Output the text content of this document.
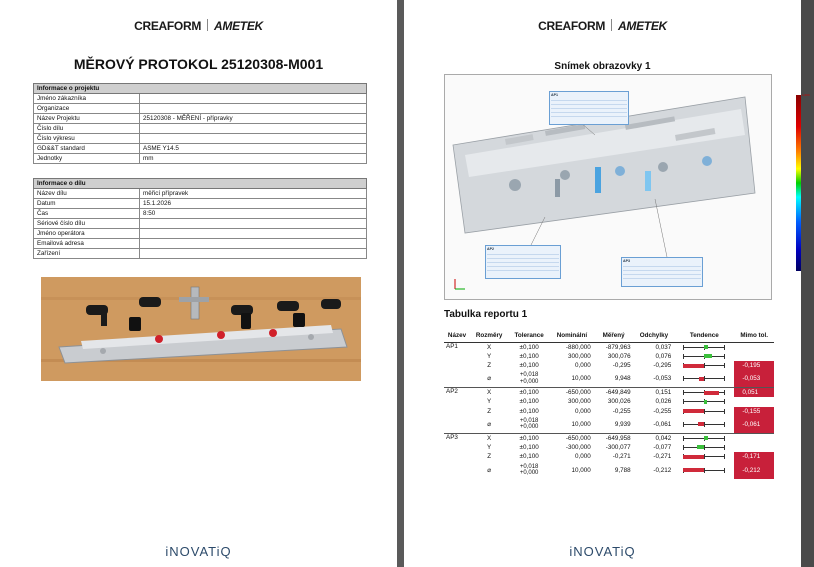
CREAFORM AMETEK
MĚROVÝ PROTOKOL 25120308-M001
Informace o projektu	
Jméno zákazníka	
Organizace	
Název Projektu	25120308 - MĚŘENÍ - přípravky
Číslo dílu	
Číslo výkresu	
GD&&T standard	ASME Y14.5
Jednotky	mm
Informace o dílu	
Název dílu	měřicí přípravek
Datum	15.1.2026
Čas	8:50
Sériové číslo dílu	
Jméno operátora	
Emailová adresa	
Zařízení	
iNOVATiQ
CREAFORM AMETEK
Snímek obrazovky 1
AP1
AP2
AP3
1,000
Tabulka reportu 1
Název	Rozměry	Tolerance	Nominální	Měřený	Odchylky	Tendence	Mimo tol.
AP1	X	±0,100	-880,000	-879,963	0,037	

	Y	±0,100	300,000	300,076	0,076	

	Z	±0,100	0,000	-0,295	-0,295		-0,195
	⌀	+0,018
+0,000	10,000	9,948	-0,053		-0,053
AP2	X	±0,100	-650,000	-649,849	0,151		0,051
	Y	±0,100	300,000	300,026	0,026	

	Z	±0,100	0,000	-0,255	-0,255		-0,155
	⌀	+0,018
+0,000	10,000	9,939	-0,061		-0,061
AP3	X	±0,100	-650,000	-649,958	0,042	

	Y	±0,100	-300,000	-300,077	-0,077	

	Z	±0,100	0,000	-0,271	-0,271		-0,171
	⌀	+0,018
+0,000	10,000	9,788	-0,212		-0,212
iNOVATiQ
